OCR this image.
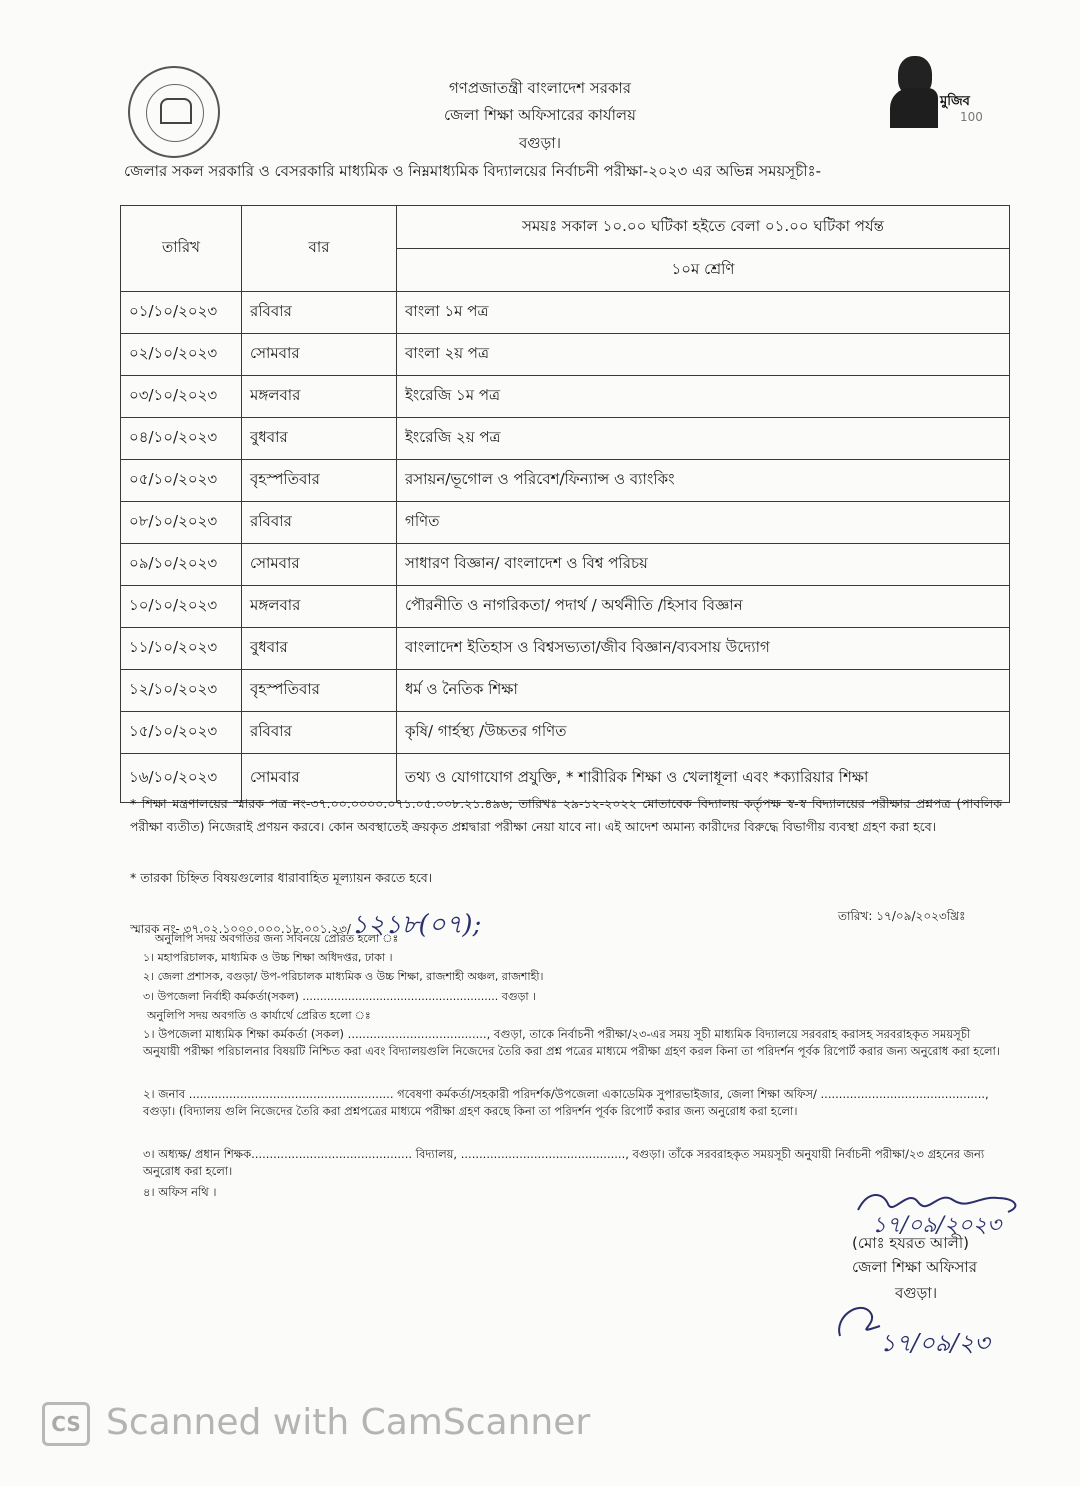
মুজিব
100
গণপ্রজাতন্ত্রী বাংলাদেশ সরকার
জেলা শিক্ষা অফিসারের কার্যালয়
বগুড়া।
জেলার সকল সরকারি ও বেসরকারি মাধ্যমিক ও নিম্নমাধ্যমিক বিদ্যালয়ের নির্বাচনী পরীক্ষা-২০২৩ এর অভিন্ন সময়সূচীঃ-
তারিখ	বার	সময়ঃ সকাল ১০.০০ ঘটিকা হইতে বেলা ০১.০০ ঘটিকা পর্যন্ত
		১০ম শ্রেণি
০১/১০/২০২৩	রবিবার	বাংলা ১ম পত্র
০২/১০/২০২৩	সোমবার	বাংলা ২য় পত্র
০৩/১০/২০২৩	মঙ্গলবার	ইংরেজি ১ম পত্র
০৪/১০/২০২৩	বুধবার	ইংরেজি ২য় পত্র
০৫/১০/২০২৩	বৃহস্পতিবার	রসায়ন/ভূগোল ও পরিবেশ/ফিন্যান্স ও ব্যাংকিং
০৮/১০/২০২৩	রবিবার	গণিত
০৯/১০/২০২৩	সোমবার	সাধারণ বিজ্ঞান/ বাংলাদেশ ও বিশ্ব পরিচয়
১০/১০/২০২৩	মঙ্গলবার	পৌরনীতি ও নাগরিকতা/ পদার্থ / অর্থনীতি /হিসাব বিজ্ঞান
১১/১০/২০২৩	বুধবার	বাংলাদেশ ইতিহাস ও বিশ্বসভ্যতা/জীব বিজ্ঞান/ব্যবসায় উদ্যোগ
১২/১০/২০২৩	বৃহস্পতিবার	ধর্ম ও নৈতিক শিক্ষা
১৫/১০/২০২৩	রবিবার	কৃষি/ গার্হস্থ্য /উচ্চতর গণিত
১৬/১০/২০২৩	সোমবার	তথ্য ও যোগাযোগ প্রযুক্তি, * শারীরিক শিক্ষা ও খেলাধূলা এবং *ক্যারিয়ার শিক্ষা
* শিক্ষা মন্ত্রণালয়ের স্মারক পত্র নং-৩৭.০০.০০০০.০৭১.০৫.০০৮.২১.৪৯৬; তারিখঃ ২৯-১২-২০২২ মোতাবেক বিদ্যালয় কর্তৃপক্ষ স্ব-স্ব বিদ্যালয়ের পরীক্ষার প্রশ্নপত্র (পাবলিক পরীক্ষা ব্যতীত) নিজেরাই প্রণয়ন করবে। কোন অবস্থাতেই ক্রয়কৃত প্রশ্নদ্বারা পরীক্ষা নেয়া যাবে না। এই আদেশ অমান্য কারীদের বিরুদ্ধে বিভাগীয় ব্যবস্থা গ্রহণ করা হবে।
* তারকা চিহ্নিত বিষয়গুলোর ধারাবাহিত মূল্যায়ন করতে হবে।
স্মারক নং- ৩৭.০২.১০০০.০০০.১৮.০০১.২৩/১২১৮(০৭);	তারিখ: ১৭/০৯/২০২৩খ্রিঃ
অনুলিপি সদয় অবগতির জন্য সবিনয়ে প্রেরিত হলো ঃ
১। মহাপরিচালক, মাধ্যমিক ও উচ্চ শিক্ষা অধিদপ্তর, ঢাকা ।
২। জেলা প্রশাসক, বগুড়া/ উপ-পরিচালক মাধ্যমিক ও উচ্চ শিক্ষা, রাজশাহী অঞ্চল, রাজশাহী।
৩। উপজেলা নির্বাহী কর্মকর্তা(সকল) ........................................................ বগুড়া ।
অনুলিপি সদয় অবগতি ও কার্যার্থে প্রেরিত হলো ঃ
১। উপজেলা মাধ্যমিক শিক্ষা কর্মকর্তা (সকল) ......................................, বগুড়া, তাকে নির্বাচনী পরীক্ষা/২৩-এর সময় সূচী মাধ্যমিক বিদ্যালয়ে সরবরাহ করাসহ সরবরাহকৃত সময়সূচী অনুযায়ী পরীক্ষা পরিচালনার বিষয়টি নিশ্চিত করা এবং বিদ্যালয়গুলি নিজেদের তৈরি করা প্রশ্ন পত্রের মাধ্যমে পরীক্ষা গ্রহণ করল কিনা তা পরিদর্শন পূর্বক রিপোর্ট করার জন্য অনুরোধ করা হলো।
২। জনাব ........................................................ গবেষণা কর্মকর্তা/সহকারী পরিদর্শক/উপজেলা একাডেমিক সুপারভাইজার, জেলা শিক্ষা অফিস/ ............................................., বগুড়া। (বিদ্যালয় গুলি নিজেদের তৈরি করা প্রশ্নপত্রের মাধ্যমে পরীক্ষা গ্রহণ করছে কিনা তা পরিদর্শন পূর্বক রিপোর্ট করার জন্য অনুরোধ করা হলো।
৩। অধ্যক্ষ/ প্রধান শিক্ষক............................................ বিদ্যালয়, ............................................., বগুড়া। তাঁকে সরবরাহকৃত সময়সূচী অনুযায়ী নির্বাচনী পরীক্ষা/২৩ গ্রহনের জন্য অনুরোধ করা হলো।
৪। অফিস নথি ।
১৭/০৯/২০২৩
(মোঃ হযরত আলী)
জেলা শিক্ষা অফিসার
বগুড়া।
১৭/০৯/২৩
CS Scanned with CamScanner
